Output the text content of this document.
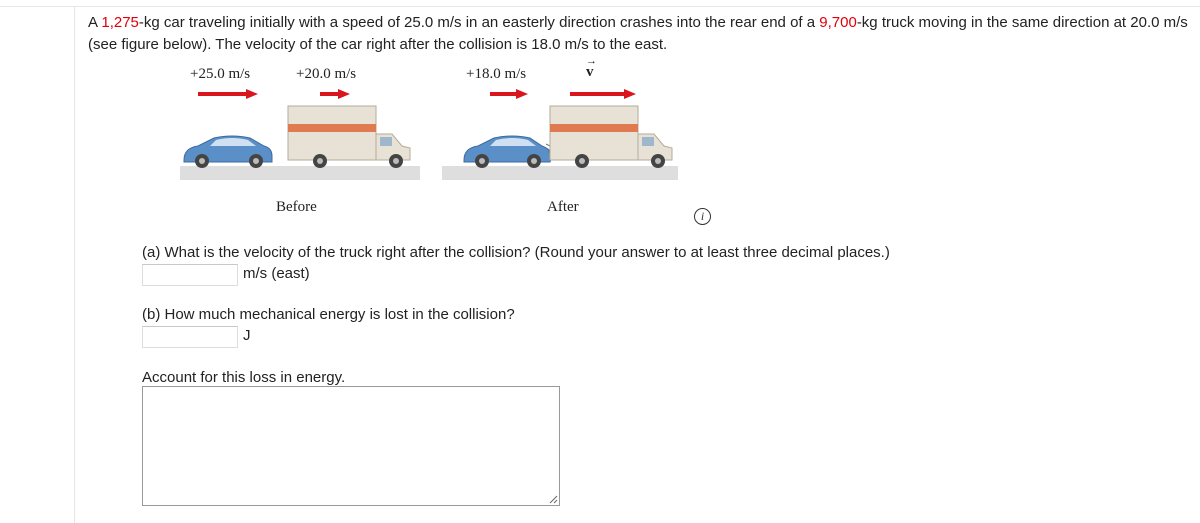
A 1,275-kg car traveling initially with a speed of 25.0 m/s in an easterly direction crashes into the rear end of a 9,700-kg truck moving in the same direction at 20.0 m/s (see figure below). The velocity of the car right after the collision is 18.0 m/s to the east.
+25.0 m/s	+20.0 m/s	+18.0 m/s
→
v
Before	After
i
(a) What is the velocity of the truck right after the collision? (Round your answer to at least three decimal places.)
m/s (east)
(b) How much mechanical energy is lost in the collision?
J
Account for this loss in energy.
